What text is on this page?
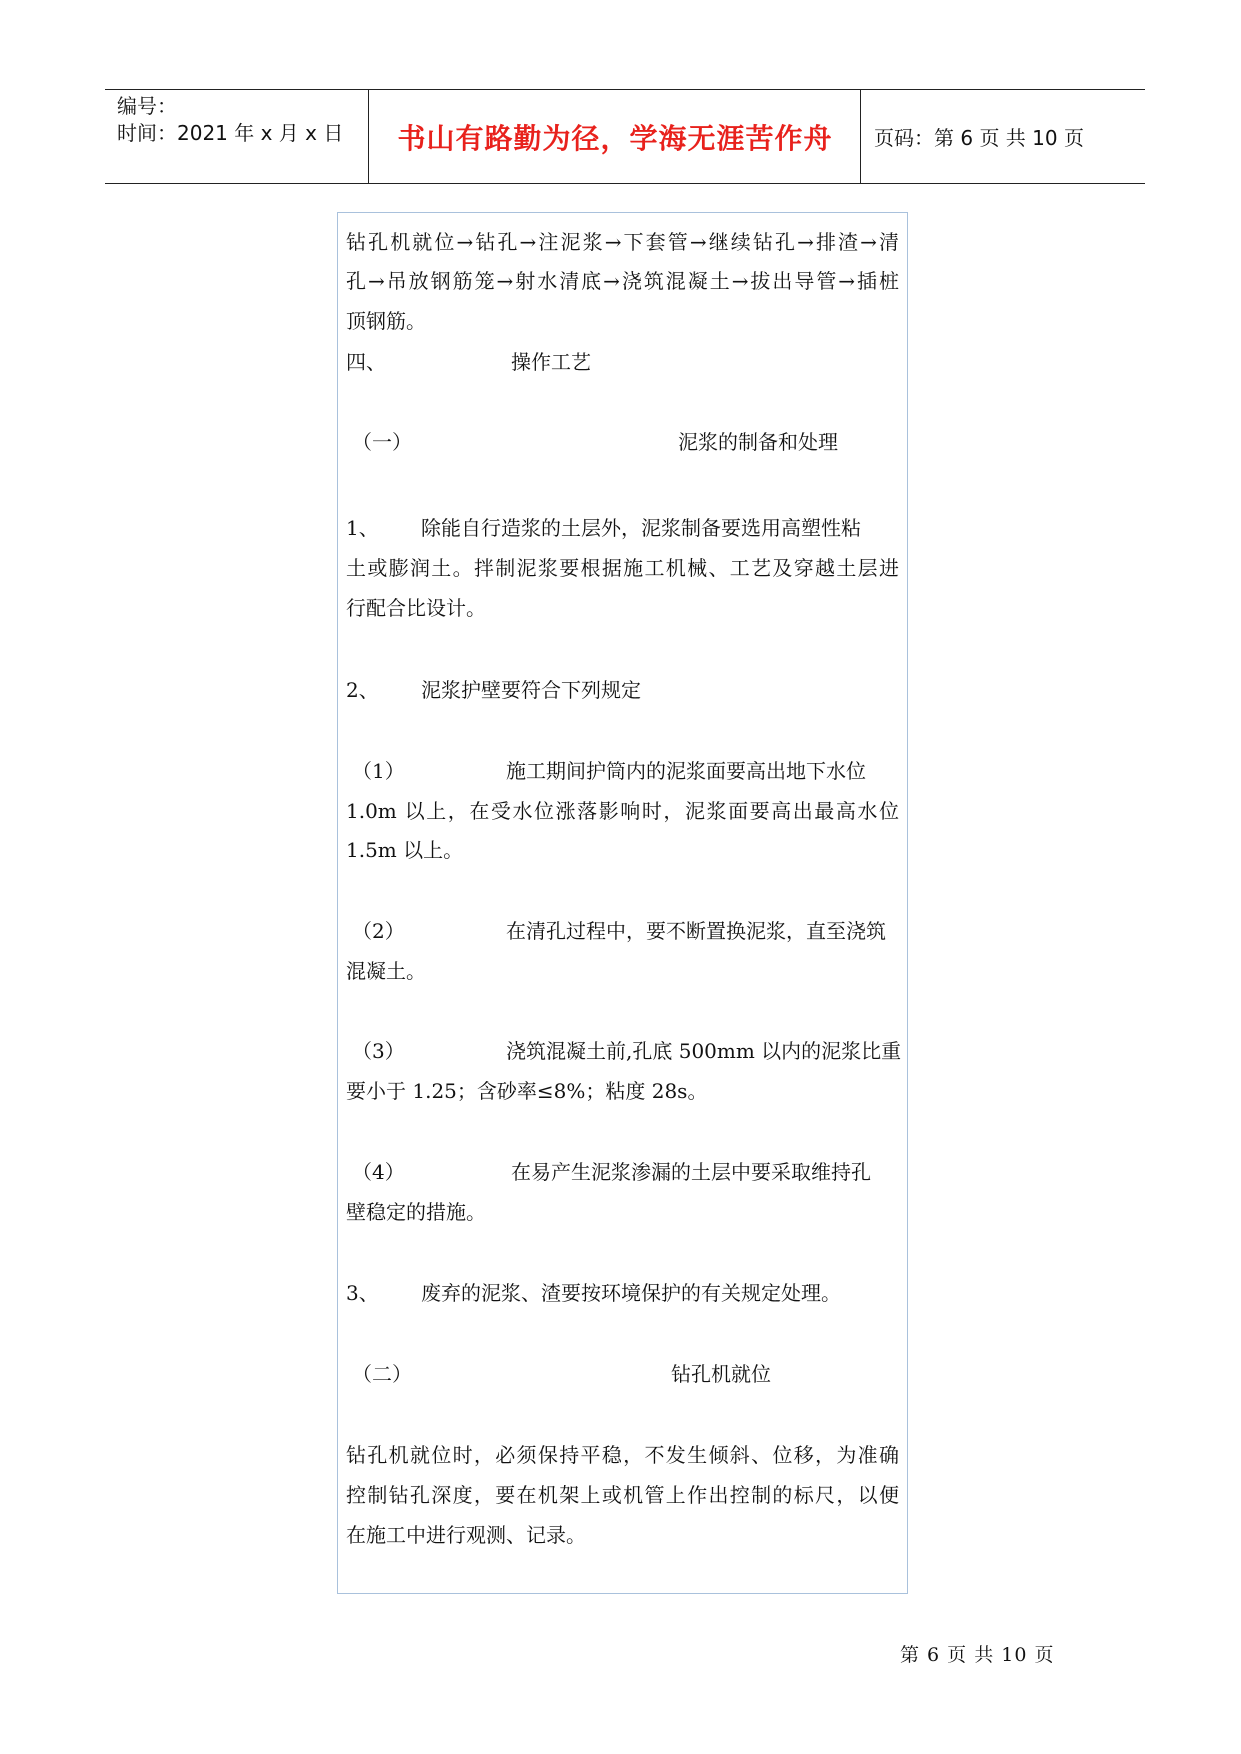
编号：
时间：2021 年 x 月 x 日 书山有路勤为径，学海无涯苦作舟	页码：第 6 页 共 10 页
钻孔机就位→钻孔→注泥浆→下套管→继续钻孔→排渣→清
孔→吊放钢筋笼→射水清底→浇筑混凝土→拔出导管→插桩
顶钢筋。
四、	操作工艺
（一）	泥浆的制备和处理
1、 除能自行造浆的土层外，泥浆制备要选用高塑性粘
土或膨润土。拌制泥浆要根据施工机械、工艺及穿越土层进
行配合比设计。
2、 泥浆护壁要符合下列规定
（1）	施工期间护筒内的泥浆面要高出地下水位
1.0m 以上，在受水位涨落影响时，泥浆面要高出最高水位
1.5m 以上。
（2）	在清孔过程中，要不断置换泥浆，直至浇筑
混凝土。
（3）	浇筑混凝土前,孔底 500mm 以内的泥浆比重
要小于 1.25；含砂率≤8%；粘度 28s。
（4）	在易产生泥浆渗漏的土层中要采取维持孔
壁稳定的措施。
3、 废弃的泥浆、渣要按环境保护的有关规定处理。
（二）	钻孔机就位
钻孔机就位时，必须保持平稳，不发生倾斜、位移，为准确
控制钻孔深度，要在机架上或机管上作出控制的标尺，以便
在施工中进行观测、记录。
第 6 页 共 10 页
